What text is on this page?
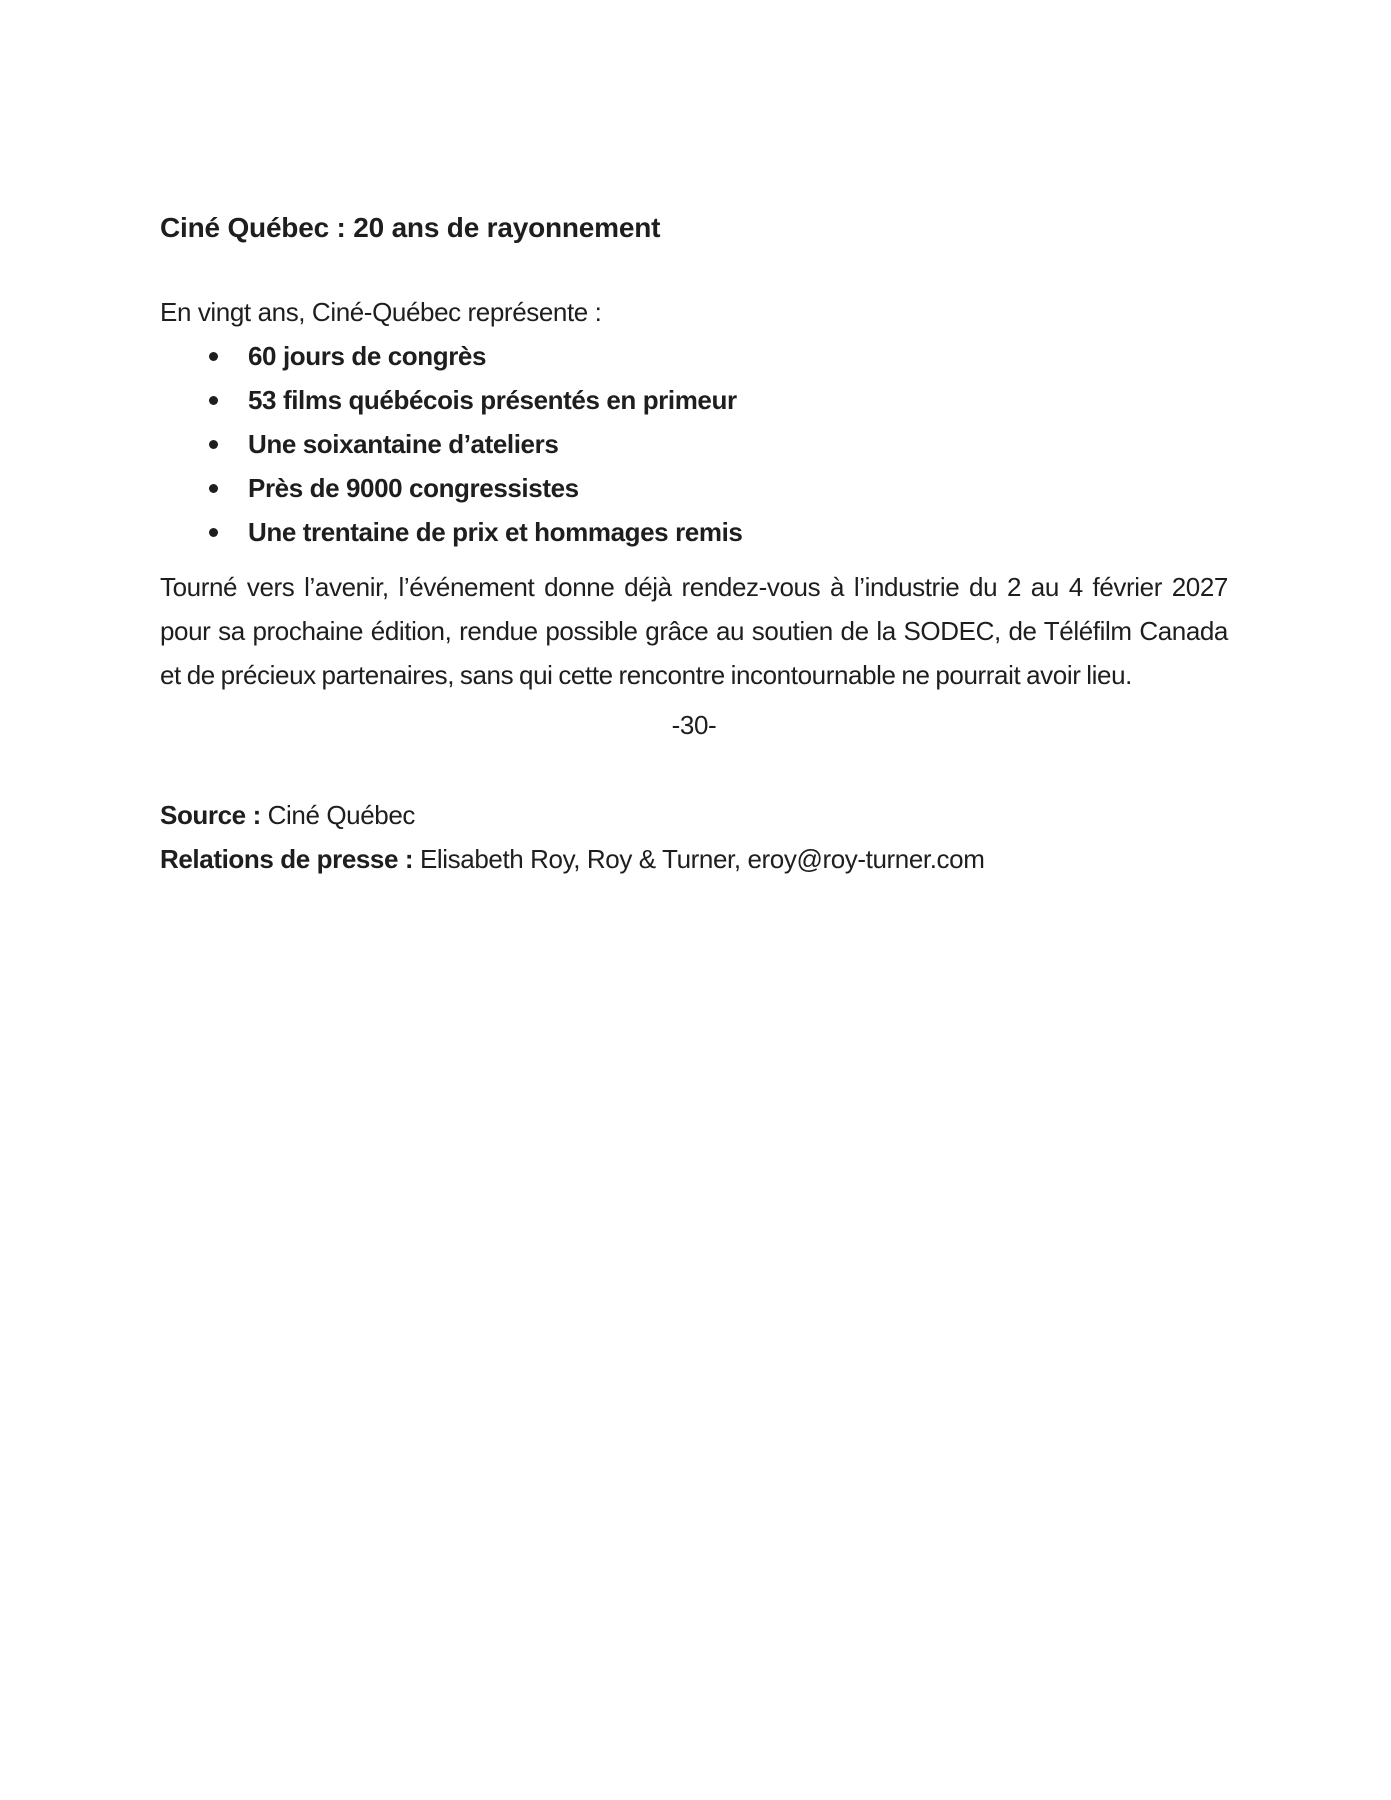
Ciné Québec : 20 ans de rayonnement

En vingt ans, Ciné-Québec représente :

60 jours de congrès
53 films québécois présentés en primeur
Une soixantaine d’ateliers
Près de 9000 congressistes
Une trentaine de prix et hommages remis

Tourné vers l’avenir, l’événement donne déjà rendez-vous à l’industrie du 2 au 4 février 2027 pour sa prochaine édition, rendue possible grâce au soutien de la SODEC, de Téléfilm Canada et de précieux partenaires, sans qui cette rencontre incontournable ne pourrait avoir lieu.

-30-

Source : Ciné Québec

Relations de presse : Elisabeth Roy, Roy & Turner, eroy@roy-turner.com
